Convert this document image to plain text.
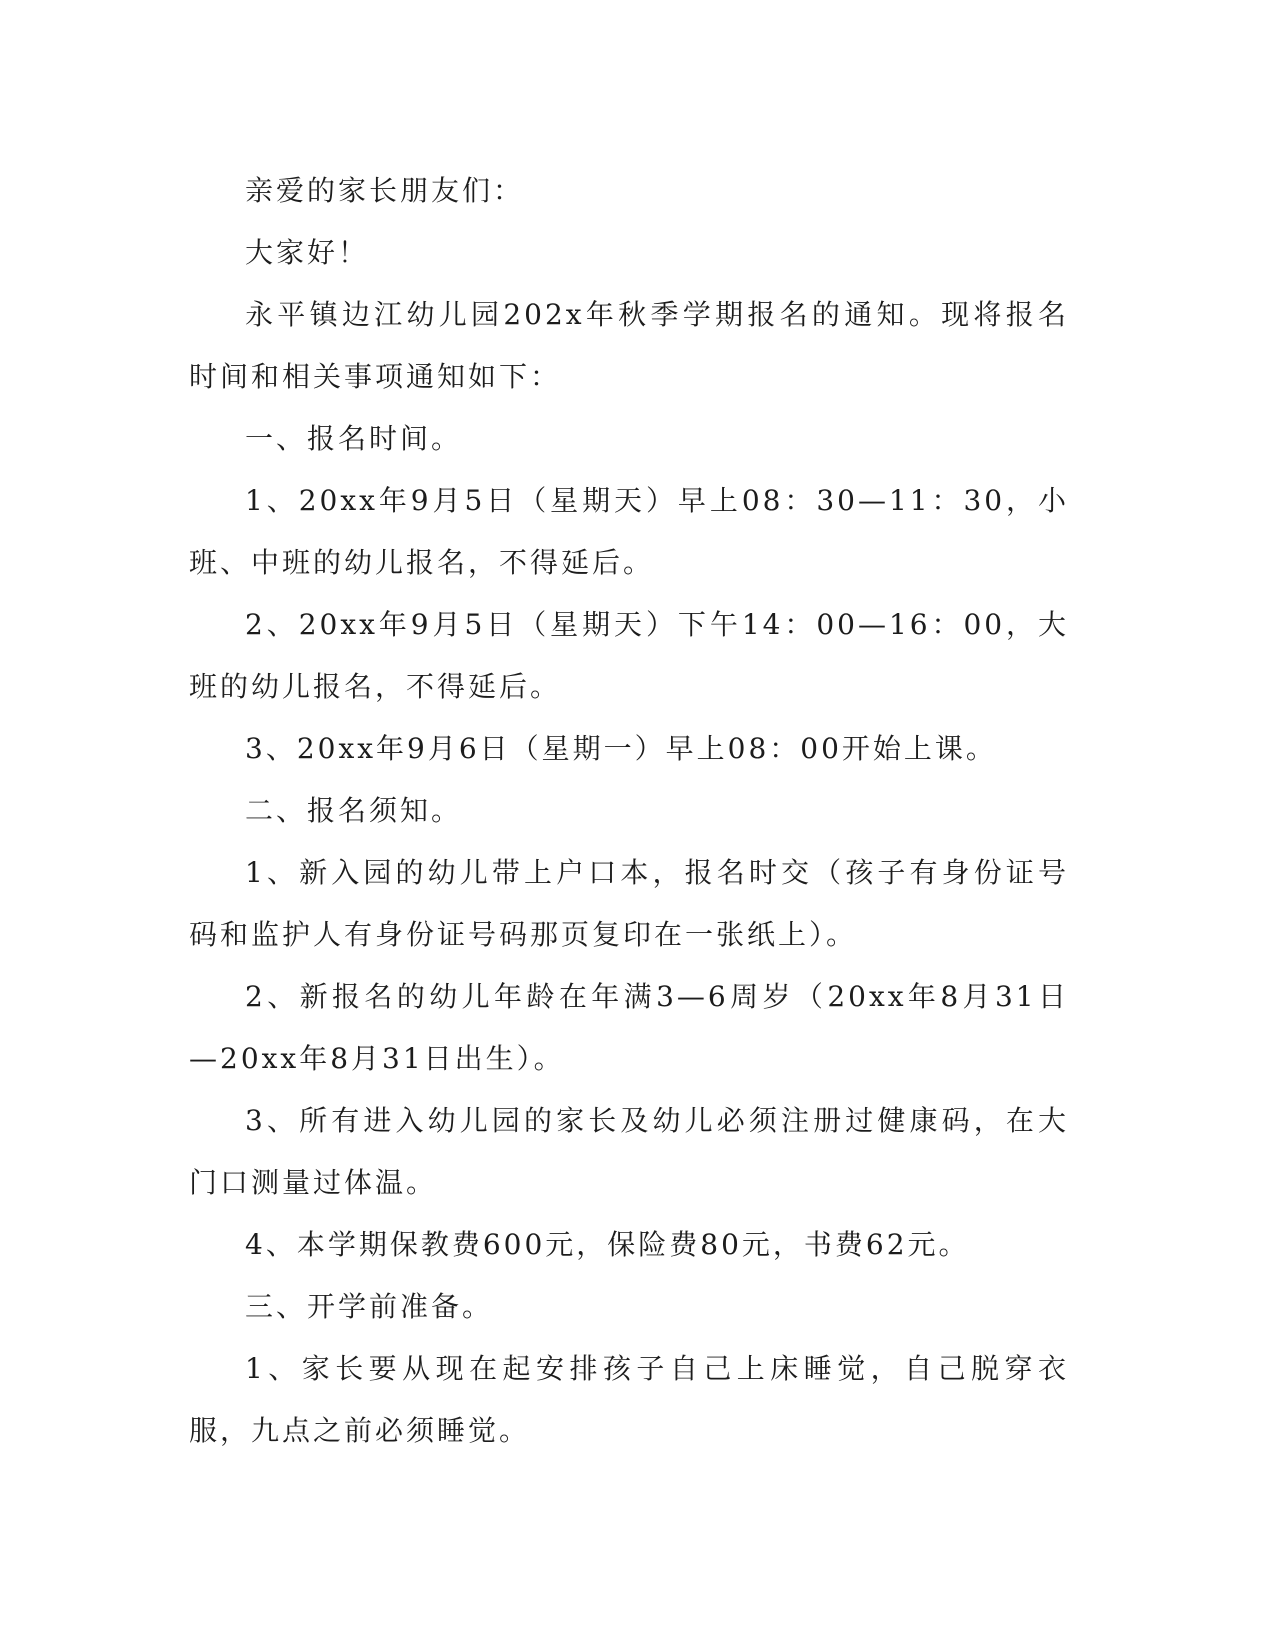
亲爱的家长朋友们：

大家好！

永平镇边江幼儿园202x年秋季学期报名的通知。现将报名时间和相关事项通知如下：

一、报名时间。

1、20xx年9月5日（星期天）早上08：30—11：30，小班、中班的幼儿报名，不得延后。

2、20xx年9月5日（星期天）下午14：00—16：00，大班的幼儿报名，不得延后。

3、20xx年9月6日（星期一）早上08：00开始上课。

二、报名须知。

1、新入园的幼儿带上户口本，报名时交（孩子有身份证号码和监护人有身份证号码那页复印在一张纸上）。

2、新报名的幼儿年龄在年满3—6周岁（20xx年8月31日—20xx年8月31日出生）。

3、所有进入幼儿园的家长及幼儿必须注册过健康码，在大门口测量过体温。

4、本学期保教费600元，保险费80元，书费62元。

三、开学前准备。

1、家长要从现在起安排孩子自己上床睡觉，自己脱穿衣服，九点之前必须睡觉。
